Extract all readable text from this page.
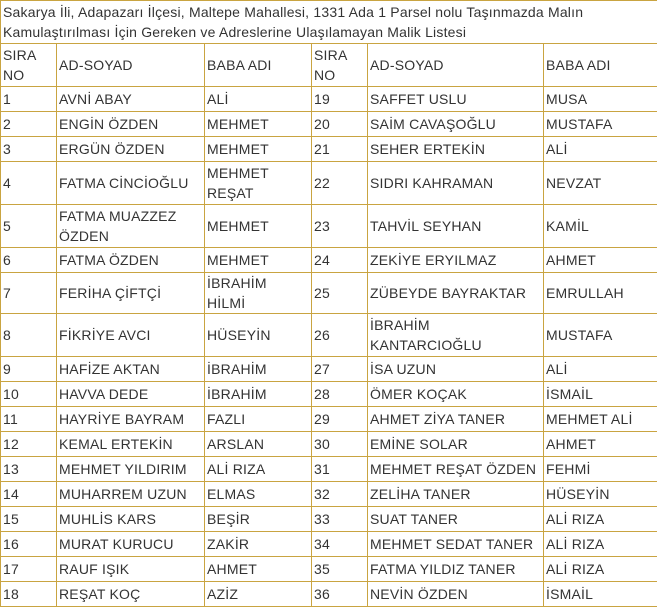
Sakarya İli, Adapazarı İlçesi, Maltepe Mahallesi, 1331 Ada 1 Parsel nolu Taşınmazda Malın Kamulaştırılması İçin Gereken ve Adreslerine Ulaşılamayan Malik Listesi					
SIRA NO	AD-SOYAD	BABA ADI	SIRA NO	AD-SOYAD	BABA ADI
1	AVNİ ABAY	ALİ	19	SAFFET USLU	MUSA
2	ENGİN ÖZDEN	MEHMET	20	SAİM CAVAŞOĞLU	MUSTAFA
3	ERGÜN ÖZDEN	MEHMET	21	SEHER ERTEKİN	ALİ
4	FATMA CİNCİOĞLU	MEHMET REŞAT	22	SIDRI KAHRAMAN	NEVZAT
5	FATMA MUAZZEZ ÖZDEN	MEHMET	23	TAHVİL SEYHAN	KAMİL
6	FATMA ÖZDEN	MEHMET	24	ZEKİYE ERYILMAZ	AHMET
7	FERİHA ÇİFTÇİ	İBRAHİM HİLMİ	25	ZÜBEYDE BAYRAKTAR	EMRULLAH
8	FİKRİYE AVCI	HÜSEYİN	26	İBRAHİM KANTARCIOĞLU	MUSTAFA
9	HAFİZE AKTAN	İBRAHİM	27	İSA UZUN	ALİ
10	HAVVA DEDE	İBRAHİM	28	ÖMER KOÇAK	İSMAİL
11	HAYRİYE BAYRAM	FAZLI	29	AHMET ZİYA TANER	MEHMET ALİ
12	KEMAL ERTEKİN	ARSLAN	30	EMİNE SOLAR	AHMET
13	MEHMET YILDIRIM	ALİ RIZA	31	MEHMET REŞAT ÖZDEN	FEHMİ
14	MUHARREM UZUN	ELMAS	32	ZELİHA TANER	HÜSEYİN
15	MUHLİS KARS	BEŞİR	33	SUAT TANER	ALİ RIZA
16	MURAT KURUCU	ZAKİR	34	MEHMET SEDAT TANER	ALİ RIZA
17	RAUF IŞIK	AHMET	35	FATMA YILDIZ TANER	ALİ RIZA
18	REŞAT KOÇ	AZİZ	36	NEVİN ÖZDEN	İSMAİL
